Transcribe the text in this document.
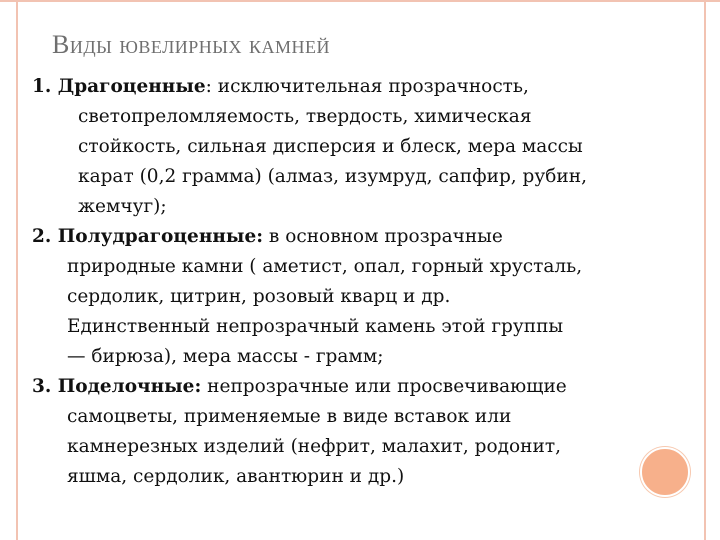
Виды ювелирных камней
1. Драгоценные: исключительная прозрачность,
светопреломляемость, твердость, химическая
стойкость, сильная дисперсия и блеск, мера массы
карат (0,2 грамма) (алмаз, изумруд, сапфир, рубин,
жемчуг);
2. Полудрагоценные: в основном прозрачные
природные камни ( аметист, опал, горный хрусталь,
сердолик, цитрин, розовый кварц и др.
Единственный непрозрачный камень этой группы
— бирюза), мера массы - грамм;
3. Поделочные: непрозрачные или просвечивающие
самоцветы, применяемые в виде вставок или
камнерезных изделий (нефрит, малахит, родонит,
яшма, сердолик, авантюрин и др.)
